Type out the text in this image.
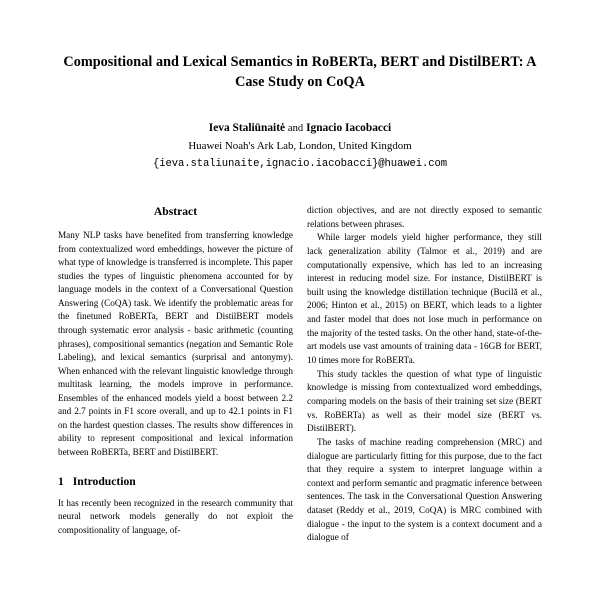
Compositional and Lexical Semantics in RoBERTa, BERT and DistilBERT: A Case Study on CoQA

Ieva Staliūnaitė and Ignacio Iacobacci

Huawei Noah's Ark Lab, London, United Kingdom

{ieva.staliunaite,ignacio.iacobacci}@huawei.com

Abstract

Many NLP tasks have benefited from transferring knowledge from contextualized word embeddings, however the picture of what type of knowledge is transferred is incomplete. This paper studies the types of linguistic phenomena accounted for by language models in the context of a Conversational Question Answering (CoQA) task. We identify the problematic areas for the finetuned RoBERTa, BERT and DistilBERT models through systematic error analysis - basic arithmetic (counting phrases), compositional semantics (negation and Semantic Role Labeling), and lexical semantics (surprisal and antonymy). When enhanced with the relevant linguistic knowledge through multitask learning, the models improve in performance. Ensembles of the enhanced models yield a boost between 2.2 and 2.7 points in F1 score overall, and up to 42.1 points in F1 on the hardest question classes. The results show differences in ability to represent compositional and lexical information between RoBERTa, BERT and DistilBERT.

1 Introduction

It has recently been recognized in the research community that neural network models generally do not exploit the compositionality of language, of-

diction objectives, and are not directly exposed to semantic relations between phrases.

While larger models yield higher performance, they still lack generalization ability (Talmor et al., 2019) and are computationally expensive, which has led to an increasing interest in reducing model size. For instance, DistilBERT is built using the knowledge distillation technique (Bucilǎ et al., 2006; Hinton et al., 2015) on BERT, which leads to a lighter and faster model that does not lose much in performance on the majority of the tested tasks. On the other hand, state-of-the-art models use vast amounts of training data - 16GB for BERT, 10 times more for RoBERTa.

This study tackles the question of what type of linguistic knowledge is missing from contextualized word embeddings, comparing models on the basis of their training set size (BERT vs. RoBERTa) as well as their model size (BERT vs. DistilBERT).

The tasks of machine reading comprehension (MRC) and dialogue are particularly fitting for this purpose, due to the fact that they require a system to interpret language within a context and perform semantic and pragmatic inference between sentences. The task in the Conversational Question Answering dataset (Reddy et al., 2019, CoQA) is MRC combined with dialogue - the input to the system is a context document and a dialogue of
